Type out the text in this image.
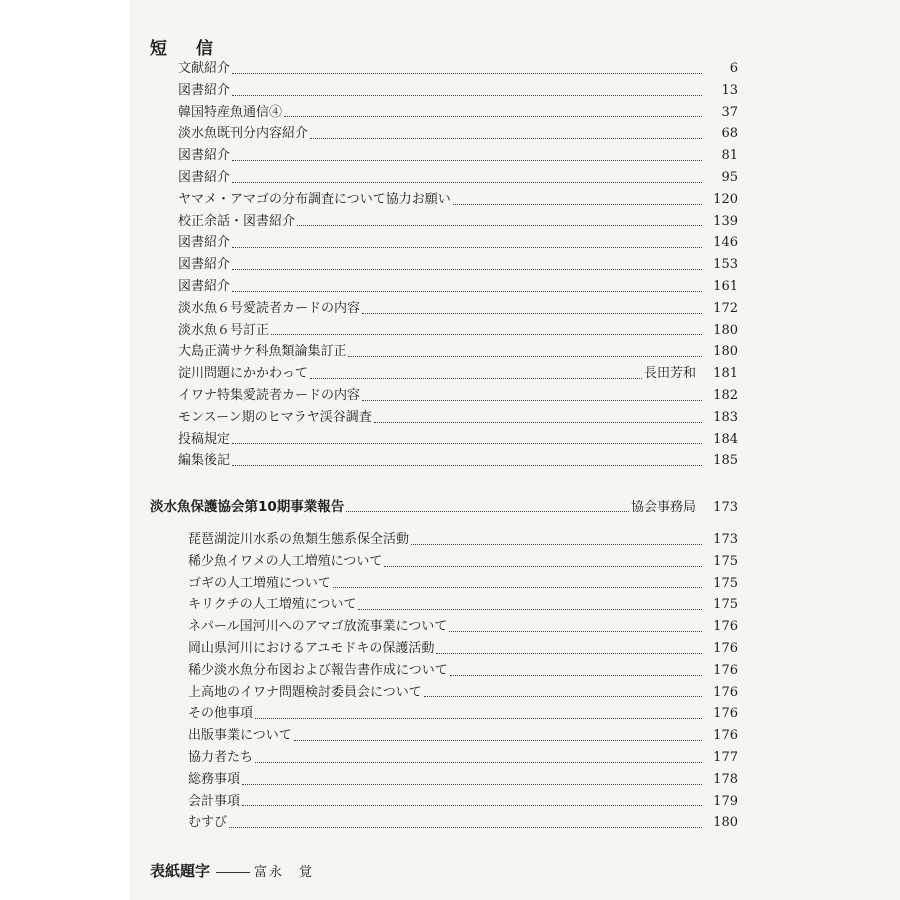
短　信
文献紹介	6
図書紹介	13
韓国特産魚通信④	37
淡水魚既刊分内容紹介	68
図書紹介	81
図書紹介	95
ヤマメ・アマゴの分布調査について協力お願い	120
校正余話・図書紹介	139
図書紹介	146
図書紹介	153
図書紹介	161
淡水魚６号愛読者カードの内容	172
淡水魚６号訂正	180
大島正満サケ科魚類論集訂正	180
淀川問題にかかわって	長田芳和	181
イワナ特集愛読者カードの内容	182
モンスーン期のヒマラヤ渓谷調査	183
投稿規定	184
編集後記	185
淡水魚保護協会第10期事業報告	協会事務局	173
琵琶湖淀川水系の魚類生態系保全活動	173
稀少魚イワメの人工増殖について	175
ゴギの人工増殖について	175
キリクチの人工増殖について	175
ネパール国河川へのアマゴ放流事業について	176
岡山県河川におけるアユモドキの保護活動	176
稀少淡水魚分布図および報告書作成について	176
上高地のイワナ問題検討委員会について	176
その他事項	176
出版事業について	176
協力者たち	177
総務事項	178
会計事項	179
むすび	180
表紙題字	富永　覚
